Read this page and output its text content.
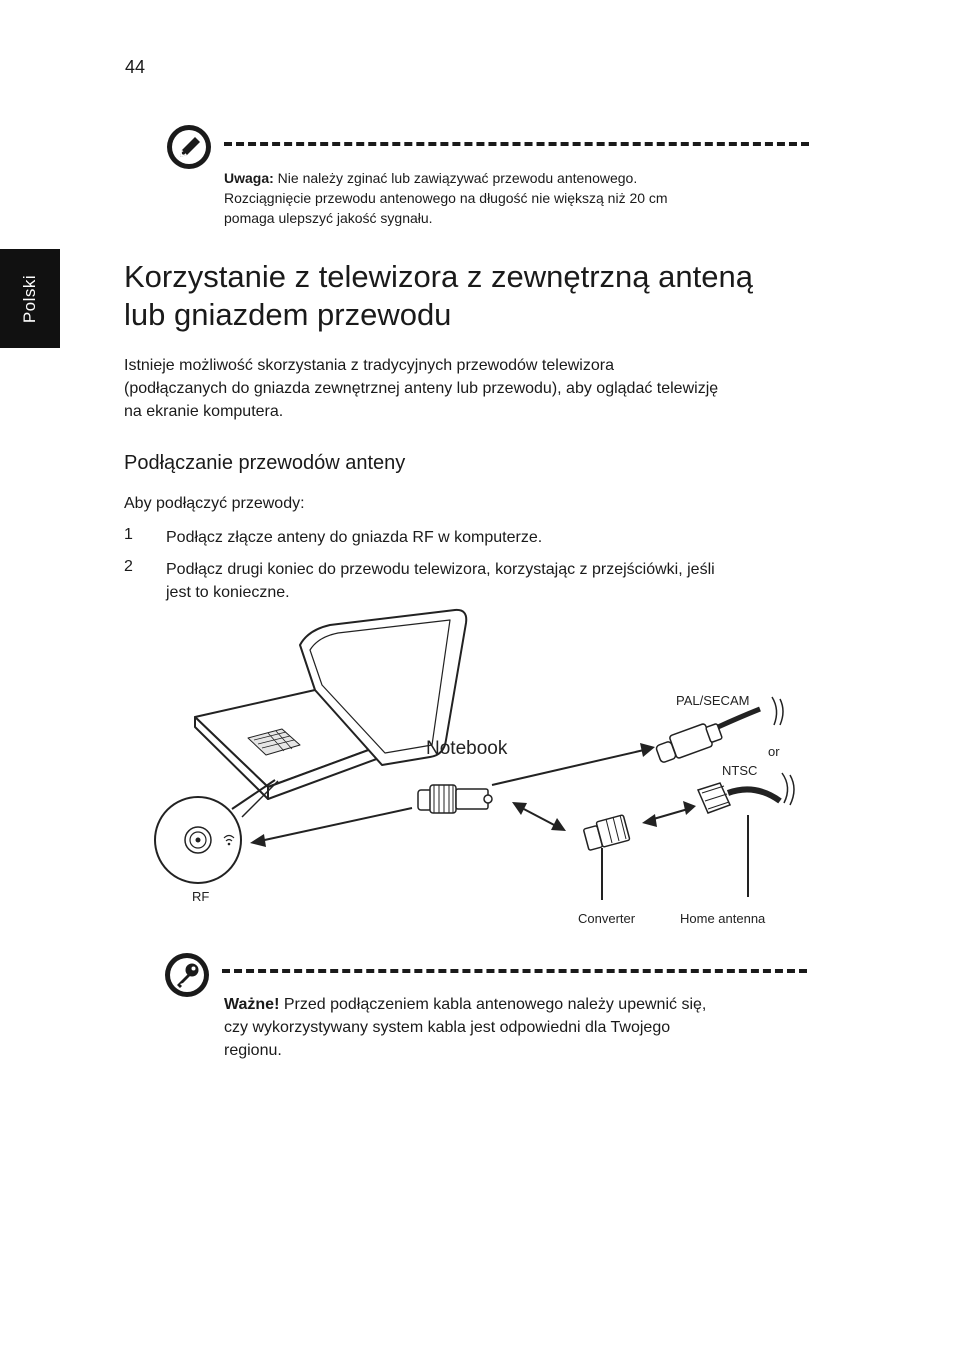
44
Polski
Uwaga: Nie należy zginać lub zawiązywać przewodu antenowego.
Rozciągnięcie przewodu antenowego na długość nie większą niż 20 cm
pomaga ulepszyć jakość sygnału.
Korzystanie z telewizora z zewnętrzną anteną
lub gniazdem przewodu
Istnieje możliwość skorzystania z tradycyjnych przewodów telewizora
(podłączanych do gniazda zewnętrznej anteny lub przewodu), aby oglądać telewizję
na ekranie komputera.
Podłączanie przewodów anteny
Aby podłączyć przewody:
1 Podłącz złącze anteny do gniazda RF w komputerze.
2 Podłącz drugi koniec do przewodu telewizora, korzystając z przejściówki, jeśli
jest to konieczne.
RF
Notebook
PAL/SECAM
or
NTSC
Converter	Home antenna
Ważne! Przed podłączeniem kabla antenowego należy upewnić się,
czy wykorzystywany system kabla jest odpowiedni dla Twojego
regionu.
